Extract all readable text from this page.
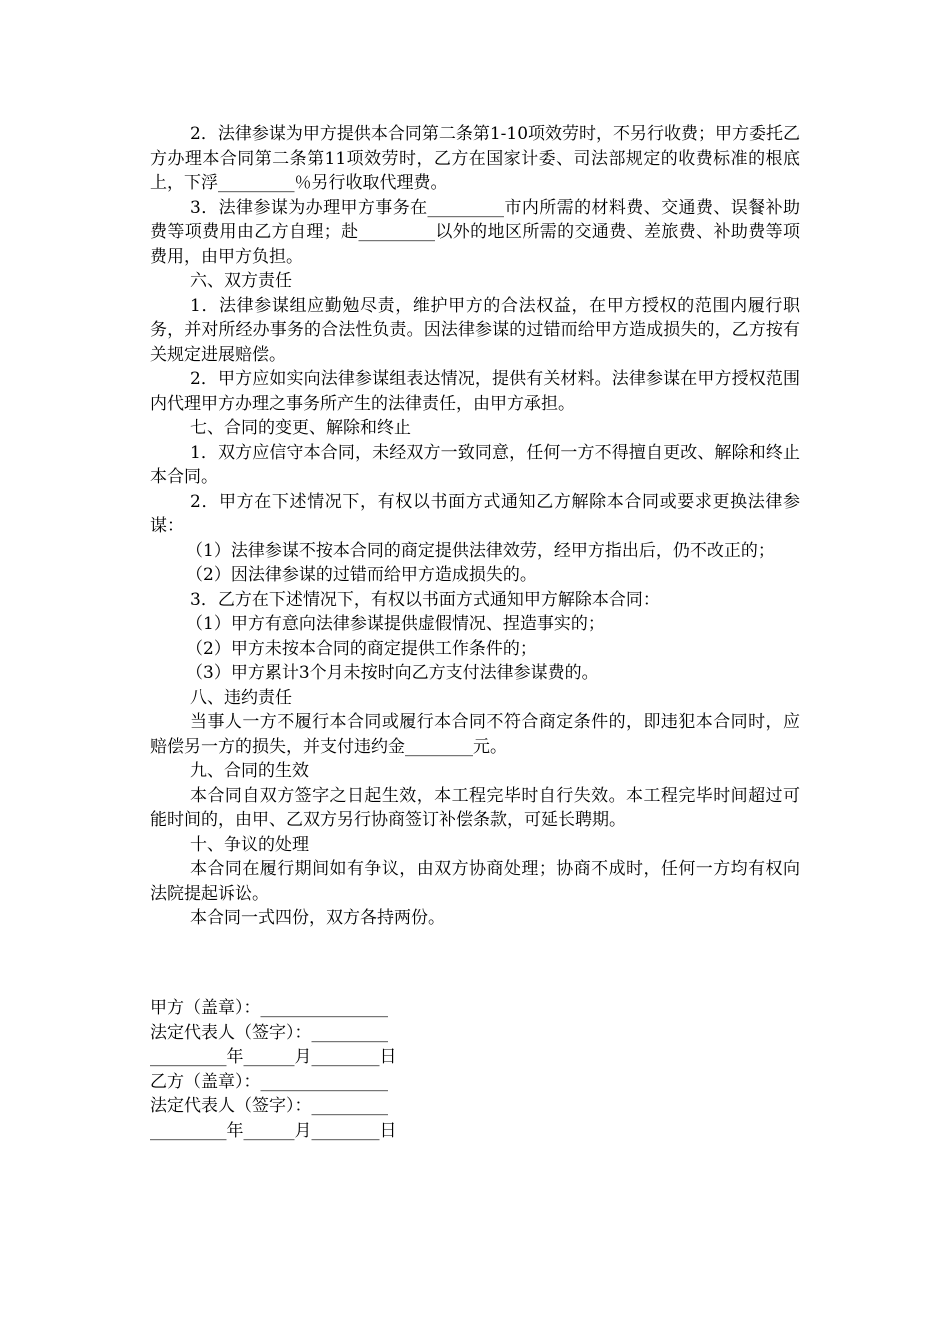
2．法律参谋为甲方提供本合同第二条第1-10项效劳时，不另行收费；甲方委托乙方办理本合同第二条第11项效劳时，乙方在国家计委、司法部规定的收费标准的根底上，下浮_________％另行收取代理费。

3．法律参谋为办理甲方事务在_________市内所需的材料费、交通费、误餐补助费等项费用由乙方自理；赴_________以外的地区所需的交通费、差旅费、补助费等项费用，由甲方负担。

六、双方责任

1．法律参谋组应勤勉尽责，维护甲方的合法权益，在甲方授权的范围内履行职务，并对所经办事务的合法性负责。因法律参谋的过错而给甲方造成损失的，乙方按有关规定进展赔偿。

2．甲方应如实向法律参谋组表达情况，提供有关材料。法律参谋在甲方授权范围内代理甲方办理之事务所产生的法律责任，由甲方承担。

七、合同的变更、解除和终止

1．双方应信守本合同，未经双方一致同意，任何一方不得擅自更改、解除和终止本合同。

2．甲方在下述情况下，有权以书面方式通知乙方解除本合同或要求更换法律参谋：

（1）法律参谋不按本合同的商定提供法律效劳，经甲方指出后，仍不改正的；

（2）因法律参谋的过错而给甲方造成损失的。

3．乙方在下述情况下，有权以书面方式通知甲方解除本合同：

（1）甲方有意向法律参谋提供虚假情况、捏造事实的；

（2）甲方未按本合同的商定提供工作条件的；

（3）甲方累计3个月未按时向乙方支付法律参谋费的。

八、违约责任

当事人一方不履行本合同或履行本合同不符合商定条件的，即违犯本合同时，应赔偿另一方的损失，并支付违约金________元。

九、合同的生效

本合同自双方签字之日起生效，本工程完毕时自行失效。本工程完毕时间超过可能时间的，由甲、乙双方另行协商签订补偿条款，可延长聘期。

十、争议的处理

本合同在履行期间如有争议，由双方协商处理；协商不成时，任何一方均有权向法院提起诉讼。

本合同一式四份，双方各持两份。

甲方（盖章）：_______________

法定代表人（签字）：_________

_________年______月________日

乙方（盖章）：_______________

法定代表人（签字）：_________

_________年______月________日
